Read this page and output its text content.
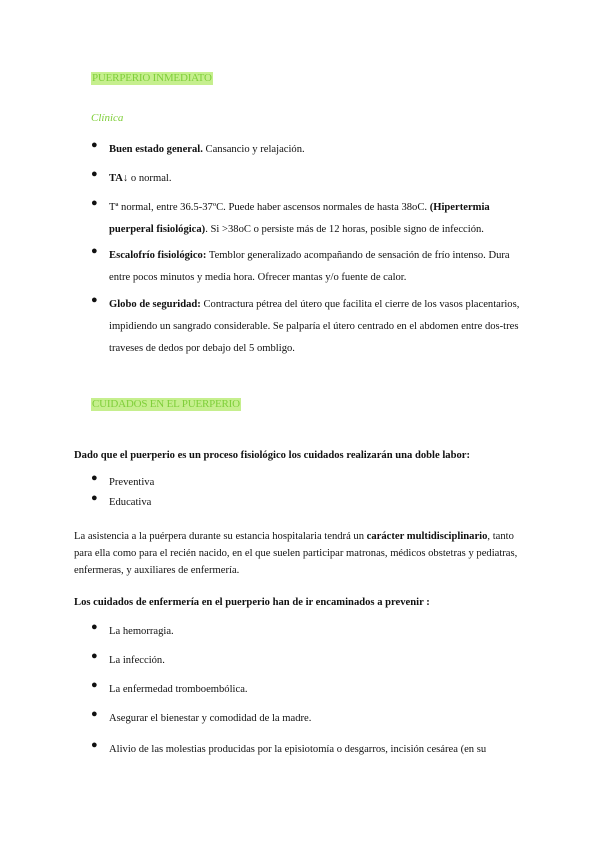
PUERPERIO INMEDIATO
Clínica
● Buen estado general. Cansancio y relajación.
● TA↓ o normal.
● Tª normal, entre 36.5-37ºC. Puede haber ascensos normales de hasta 38oC. (Hipertermia puerperal fisiológica). Si >38oC o persiste más de 12 horas, posible signo de infección.
● Escalofrío fisiológico: Temblor generalizado acompañando de sensación de frío intenso. Dura entre pocos minutos y media hora. Ofrecer mantas y/o fuente de calor.
● Globo de seguridad: Contractura pétrea del útero que facilita el cierre de los vasos placentarios, impidiendo un sangrado considerable. Se palparía el útero centrado en el abdomen entre dos-tres traveses de dedos por debajo del 5 ombligo.
CUIDADOS EN EL PUERPERIO
Dado que el puerperio es un proceso fisiológico los cuidados realizarán una doble labor:
● Preventiva
● Educativa
La asistencia a la puérpera durante su estancia hospitalaria tendrá un carácter multidisciplinario, tanto para ella como para el recién nacido, en el que suelen participar matronas, médicos obstetras y pediatras, enfermeras, y auxiliares de enfermería.
Los cuidados de enfermería en el puerperio han de ir encaminados a prevenir :
● La hemorragia.
● La infección.
● La enfermedad tromboembólica.
● Asegurar el bienestar y comodidad de la madre.
● Alivio de las molestias producidas por la episiotomía o desgarros, incisión cesárea (en su
